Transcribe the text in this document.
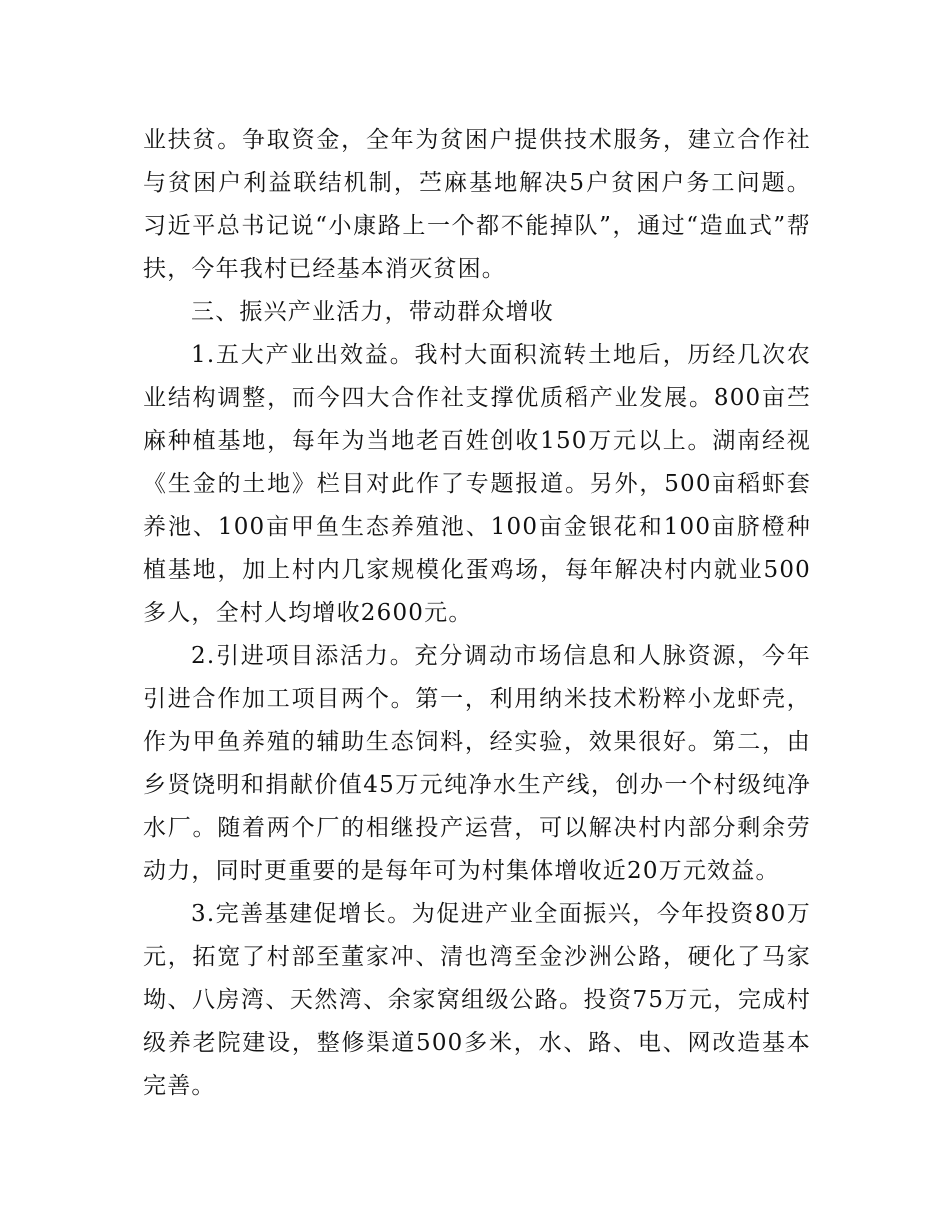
业扶贫。争取资金，全年为贫困户提供技术服务，建立合作社与贫困户利益联结机制，苎麻基地解决5户贫困户务工问题。习近平总书记说“小康路上一个都不能掉队”，通过“造血式”帮扶，今年我村已经基本消灭贫困。

三、振兴产业活力，带动群众增收

1.五大产业出效益。我村大面积流转土地后，历经几次农业结构调整，而今四大合作社支撑优质稻产业发展。800亩苎麻种植基地，每年为当地老百姓创收150万元以上。湖南经视《生金的土地》栏目对此作了专题报道。另外，500亩稻虾套养池、100亩甲鱼生态养殖池、100亩金银花和100亩脐橙种植基地，加上村内几家规模化蛋鸡场，每年解决村内就业500多人，全村人均增收2600元。

2.引进项目添活力。充分调动市场信息和人脉资源，今年引进合作加工项目两个。第一，利用纳米技术粉粹小龙虾壳，作为甲鱼养殖的辅助生态饲料，经实验，效果很好。第二，由乡贤饶明和捐献价值45万元纯净水生产线，创办一个村级纯净水厂。随着两个厂的相继投产运营，可以解决村内部分剩余劳动力，同时更重要的是每年可为村集体增收近20万元效益。

3.完善基建促增长。为促进产业全面振兴，今年投资80万元，拓宽了村部至董家冲、清也湾至金沙洲公路，硬化了马家坳、八房湾、天然湾、余家窝组级公路。投资75万元，完成村级养老院建设，整修渠道500多米，水、路、电、网改造基本完善。
